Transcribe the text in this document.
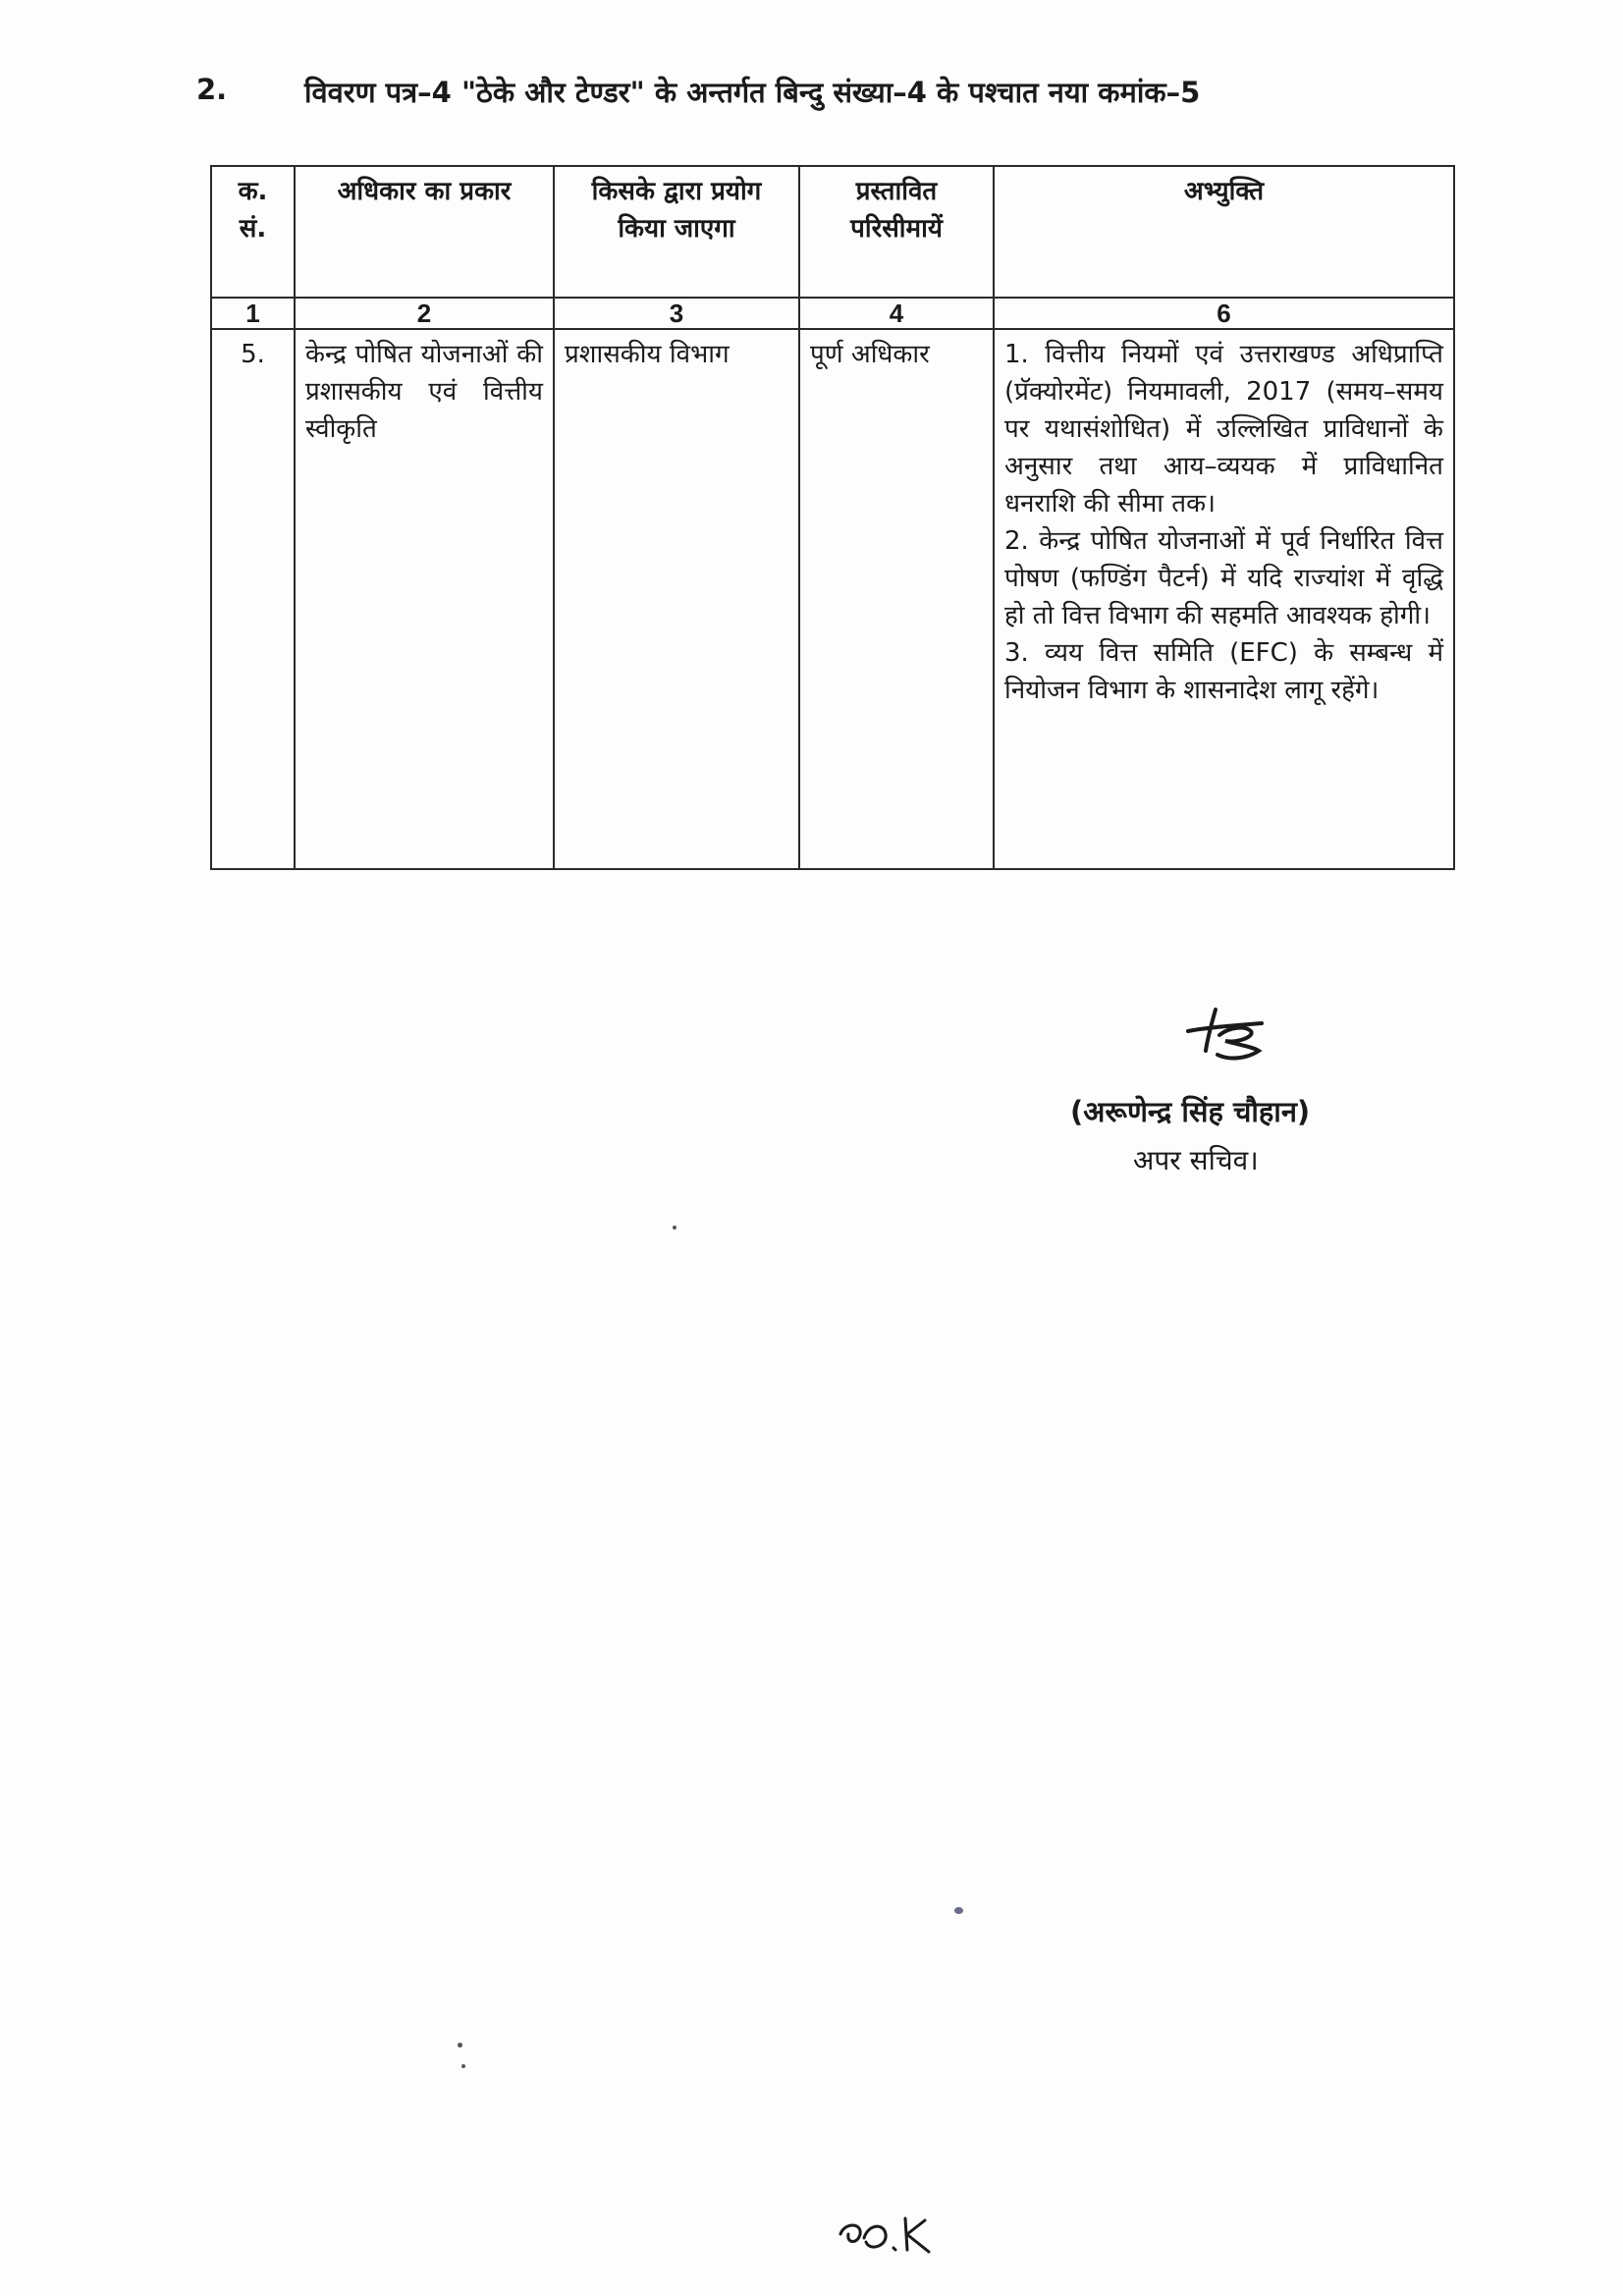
2.	विवरण पत्र–4 "ठेके और टेण्डर" के अन्तर्गत बिन्दु संख्या–4 के पश्चात नया कमांक–5
क. सं.	अधिकार का प्रकार	किसके द्वारा प्रयोग किया जाएगा	प्रस्तावित परिसीमायें	अभ्युक्ति
1	2	3	4	6
5.	केन्द्र पोषित योजनाओं की प्रशासकीय एवं वित्तीय स्वीकृति	प्रशासकीय विभाग	पूर्ण अधिकार	1. वित्तीय नियमों एवं उत्तराखण्ड अधिप्राप्ति (प्रॅक्योरमेंट) नियमावली, 2017 (समय–समय पर यथासंशोधित) में उल्लिखित प्राविधानों के अनुसार तथा आय–व्ययक में प्राविधानित धनराशि की सीमा तक।

2. केन्द्र पोषित योजनाओं में पूर्व निर्धारित वित्त पोषण (फण्डिंग पैटर्न) में यदि राज्यांश में वृद्धि हो तो वित्त विभाग की सहमति आवश्यक होगी।

3. व्यय वित्त समिति (EFC) के सम्बन्ध में नियोजन विभाग के शासनादेश लागू रहेंगे।

(अरूणेन्द्र सिंह चौहान)
अपर सचिव।
